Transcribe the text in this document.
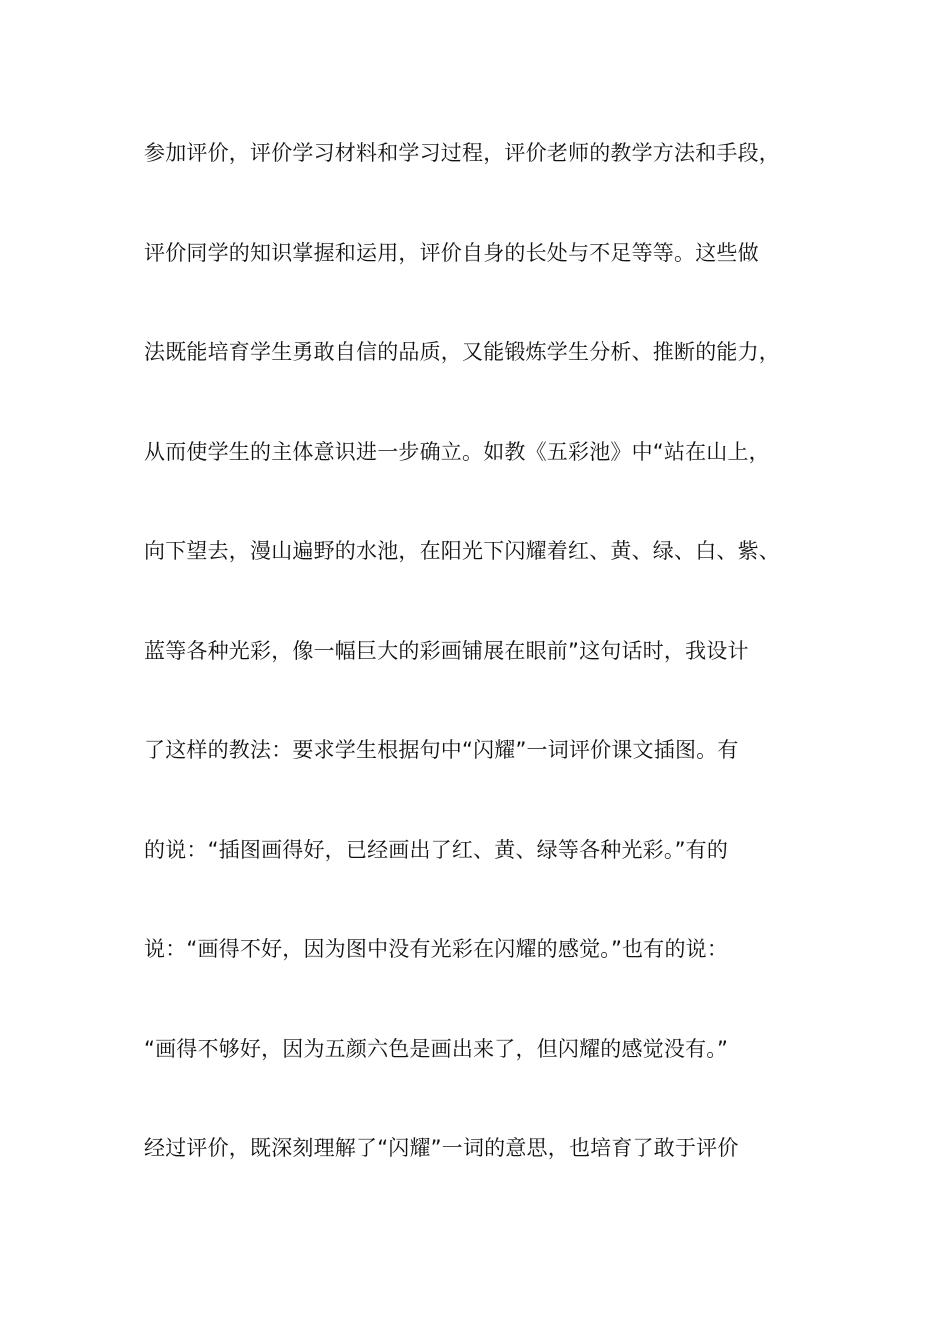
参加评价，评价学习材料和学习过程，评价老师的教学方法和手段，
评价同学的知识掌握和运用，评价自身的长处与不足等等。这些做
法既能培育学生勇敢自信的品质，又能锻炼学生分析、推断的能力，
从而使学生的主体意识进一步确立。如教《五彩池》中“站在山上，
向下望去，漫山遍野的水池，在阳光下闪耀着红、黄、绿、白、紫、
蓝等各种光彩，像一幅巨大的彩画铺展在眼前”这句话时，我设计
了这样的教法：要求学生根据句中“闪耀”一词评价课文插图。有
的说：“插图画得好，已经画出了红、黄、绿等各种光彩。”有的
说：“画得不好，因为图中没有光彩在闪耀的感觉。”也有的说：
“画得不够好，因为五颜六色是画出来了，但闪耀的感觉没有。”
经过评价，既深刻理解了“闪耀”一词的意思，也培育了敢于评价
